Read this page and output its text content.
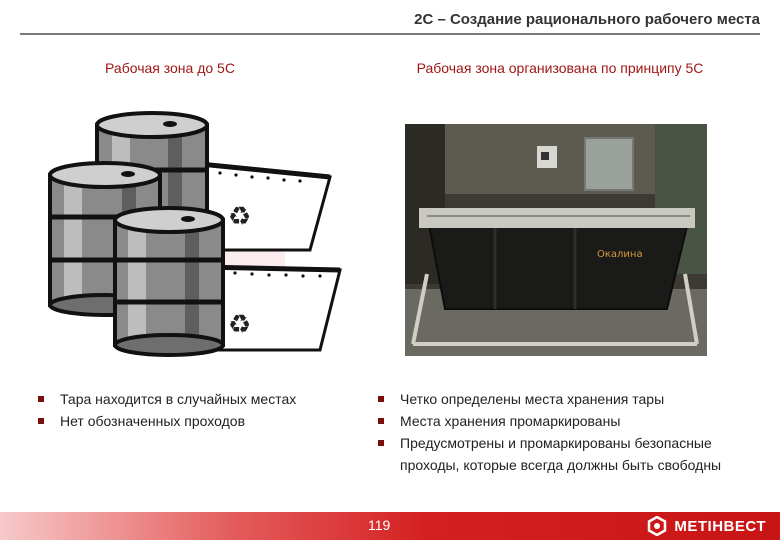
2С – Создание рационального рабочего места
Рабочая зона до 5С	Рабочая зона организована по принципу 5С
♻
♻
Окалина
Тара находится в случайных местах
Нет обозначенных проходов
Четко определены места хранения тары
Места хранения промаркированы
Предусмотрены и промаркированы безопасные проходы, которые всегда должны быть свободны
119	МЕТІНВЕСТ
